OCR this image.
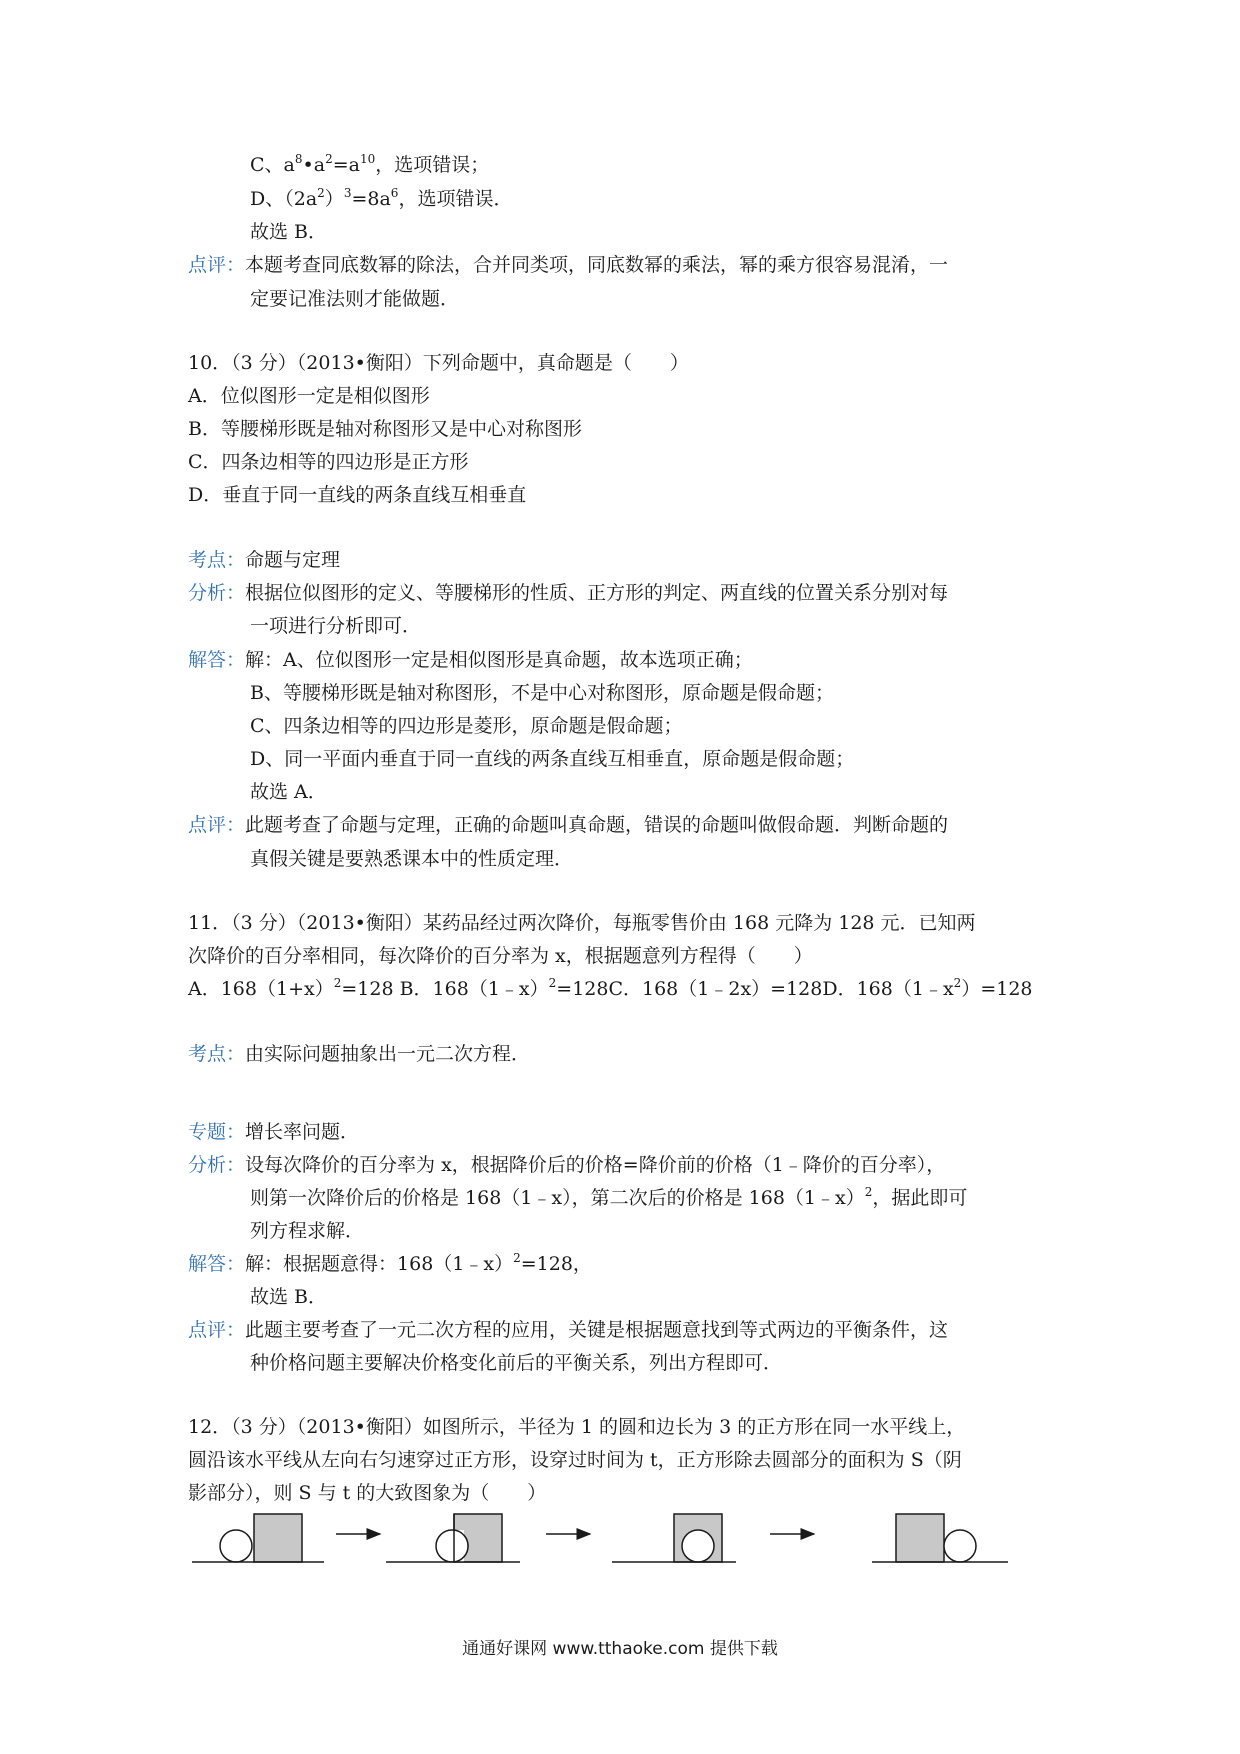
C、$a^8•a^2=a^{10}$，选项错误；
D、$(2a^2)^3=8a^6$，选项错误．
故选 B．
点评：本题考查同底数幂的除法，合并同类项，同底数幂的乘法，幂的乘方很容易混淆，一
定要记准法则才能做题．
10．（3 分）（2013•衡阳）下列命题中，真命题是（　　）
A．位似图形一定是相似图形
B．等腰梯形既是轴对称图形又是中心对称图形
C．四条边相等的四边形是正方形
D．垂直于同一直线的两条直线互相垂直
考点：命题与定理
分析：根据位似图形的定义、等腰梯形的性质、正方形的判定、两直线的位置关系分别对每
一项进行分析即可．
解答：解：A、位似图形一定是相似图形是真命题，故本选项正确；
B、等腰梯形既是轴对称图形，不是中心对称图形，原命题是假命题；
C、四条边相等的四边形是菱形，原命题是假命题；
D、同一平面内垂直于同一直线的两条直线互相垂直，原命题是假命题；
故选 A．
点评：此题考查了命题与定理，正确的命题叫真命题，错误的命题叫做假命题．判断命题的
真假关键是要熟悉课本中的性质定理．
11．（3 分）（2013•衡阳）某药品经过两次降价，每瓶零售价由 168 元降为 128 元．已知两
次降价的百分率相同，每次降价的百分率为 x，根据题意列方程得（　　）
A．$168(1+x)^2=128$ B．168（1﹣x）$^2$=128C．168（1﹣2x）=128D．$168(1﹣x^2)=128$
考点：由实际问题抽象出一元二次方程．
专题：增长率问题．
分析：设每次降价的百分率为 x，根据降价后的价格=降价前的价格（1﹣降价的百分率），
则第一次降价后的价格是 168（1﹣x），第二次后的价格是 168（1﹣x）$^2$，据此即可
列方程求解．
解答：解：根据题意得：168（1﹣x）$^2$=128，
故选 B．
点评：此题主要考查了一元二次方程的应用，关键是根据题意找到等式两边的平衡条件，这
种价格问题主要解决价格变化前后的平衡关系，列出方程即可．
12．（3 分）（2013•衡阳）如图所示，半径为 1 的圆和边长为 3 的正方形在同一水平线上，
圆沿该水平线从左向右匀速穿过正方形，设穿过时间为 t，正方形除去圆部分的面积为 S（阴
影部分），则 S 与 t 的大致图象为（　　）
通通好课网 www.tthaoke.com 提供下载
